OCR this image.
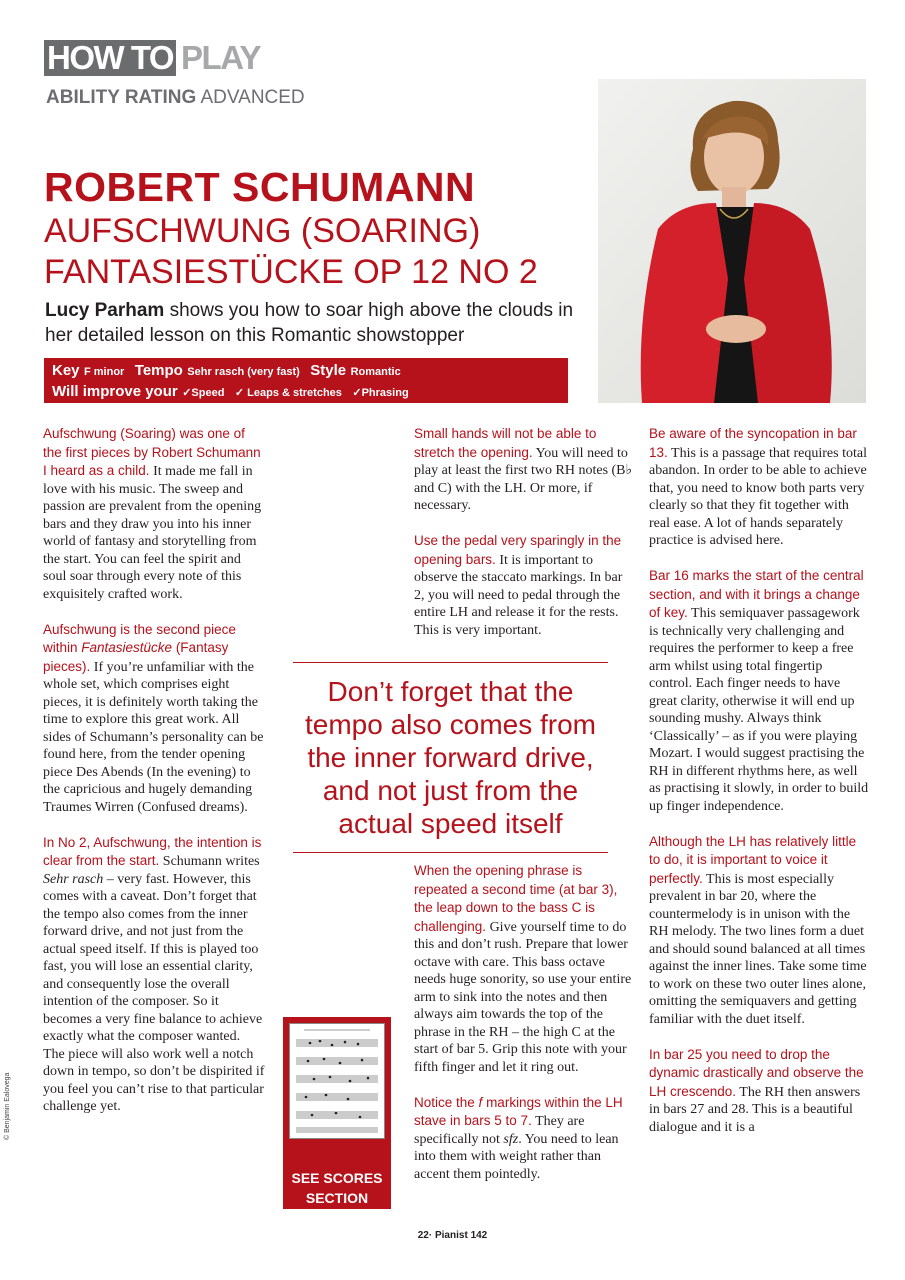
HOW TO PLAY
ABILITY RATING ADVANCED
ROBERT SCHUMANN
AUFSCHWUNG (SOARING)
FANTASIESTÜCKE OP 12 NO 2
Lucy Parham shows you how to soar high above the clouds in her detailed lesson on this Romantic showstopper
Key F minor Tempo Sehr rasch (very fast) Style Romantic
Will improve your ✓Speed ✓ Leaps & stretches ✓Phrasing

Aufschwung (Soaring) was one of the first pieces by Robert Schumann I heard as a child. It made me fall in love with his music. The sweep and passion are prevalent from the opening bars and they draw you into his inner world of fantasy and storytelling from the start. You can feel the spirit and soul soar through every note of this exquisitely crafted work.

Aufschwung is the second piece within Fantasiestücke (Fantasy pieces). If you’re unfamiliar with the whole set, which comprises eight pieces, it is definitely worth taking the time to explore this great work. All sides of Schumann’s personality can be found here, from the tender opening piece Des Abends (In the evening) to the capricious and hugely demanding Traumes Wirren (Confused dreams).

In No 2, Aufschwung, the intention is clear from the start. Schumann writes Sehr rasch – very fast. However, this comes with a caveat. Don’t forget that the tempo also comes from the inner forward drive, and not just from the actual speed itself. If this is played too fast, you will lose an essential clarity, and consequently lose the overall intention of the composer. So it becomes a very fine balance to achieve exactly what the composer wanted. The piece will also work well a notch down in tempo, so don’t be dispirited if you feel you can’t rise to that particular challenge yet.

Small hands will not be able to stretch the opening. You will need to play at least the first two RH notes (B♭ and C) with the LH. Or more, if necessary.

Use the pedal very sparingly in the opening bars. It is important to observe the staccato markings. In bar 2, you will need to pedal through the entire LH and release it for the rests. This is very important.

Don’t forget that the tempo also comes from the inner forward drive, and not just from the actual speed itself

When the opening phrase is repeated a second time (at bar 3), the leap down to the bass C is challenging. Give yourself time to do this and don’t rush. Prepare that lower octave with care. This bass octave needs huge sonority, so use your entire arm to sink into the notes and then always aim towards the top of the phrase in the RH – the high C at the start of bar 5. Grip this note with your fifth finger and let it ring out.

Notice the f markings within the LH stave in bars 5 to 7. They are specifically not sfz. You need to lean into them with weight rather than accent them pointedly.

Be aware of the syncopation in bar 13. This is a passage that requires total abandon. In order to be able to achieve that, you need to know both parts very clearly so that they fit together with real ease. A lot of hands separately practice is advised here.

Bar 16 marks the start of the central section, and with it brings a change of key. This semiquaver passagework is technically very challenging and requires the performer to keep a free arm whilst using total fingertip control. Each finger needs to have great clarity, otherwise it will end up sounding mushy. Always think ‘Classically’ – as if you were playing Mozart. I would suggest practising the RH in different rhythms here, as well as practising it slowly, in order to build up finger independence.

Although the LH has relatively little to do, it is important to voice it perfectly. This is most especially prevalent in bar 20, where the countermelody is in unison with the RH melody. The two lines form a duet and should sound balanced at all times against the inner lines. Take some time to work on these two outer lines alone, omitting the semiquavers and getting familiar with the duet itself.

In bar 25 you need to drop the dynamic drastically and observe the LH crescendo. The RH then answers in bars 27 and 28. This is a beautiful dialogue and it is a

SEE SCORES
SECTION
© Benjamin Ealovega
22· Pianist 142
